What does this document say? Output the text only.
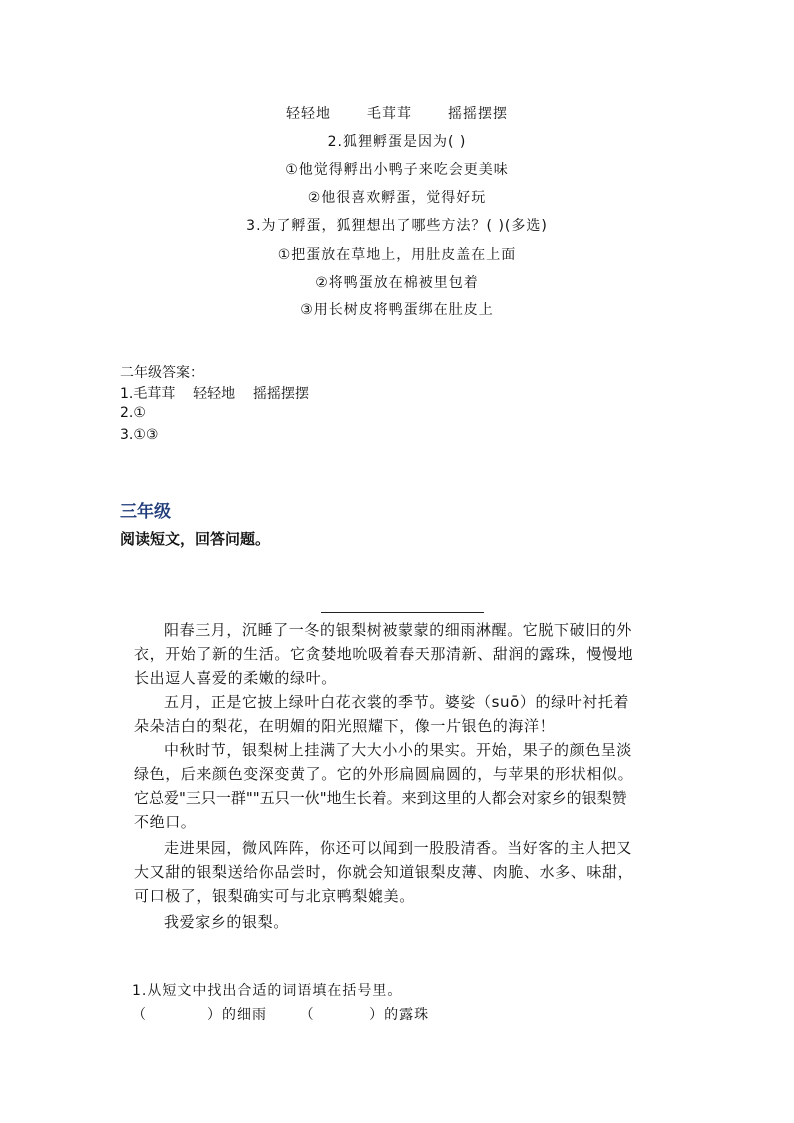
轻轻地	毛茸茸	摇摇摆摆
2.狐狸孵蛋是因为( )
①他觉得孵出小鸭子来吃会更美味
②他很喜欢孵蛋，觉得好玩
3.为了孵蛋，狐狸想出了哪些方法？( )(多选)
①把蛋放在草地上，用肚皮盖在上面
②将鸭蛋放在棉被里包着
③用长树皮将鸭蛋绑在肚皮上
二年级答案：
1.毛茸茸    轻轻地    摇摇摆摆
2.①
3.①③
三年级
阅读短文，回答问题。
阳春三月，沉睡了一冬的银梨树被蒙蒙的细雨淋醒。它脱下破旧的外
衣，开始了新的生活。它贪婪地吮吸着春天那清新、甜润的露珠，慢慢地
长出逗人喜爱的柔嫩的绿叶。
五月，正是它披上绿叶白花衣裳的季节。婆娑（suō）的绿叶衬托着
朵朵洁白的梨花，在明媚的阳光照耀下，像一片银色的海洋！
中秋时节，银梨树上挂满了大大小小的果实。开始，果子的颜色呈淡
绿色，后来颜色变深变黄了。它的外形扁圆扁圆的，与苹果的形状相似。
它总爱"三只一群""五只一伙"地生长着。来到这里的人都会对家乡的银梨赞
不绝口。
走进果园，微风阵阵，你还可以闻到一股股清香。当好客的主人把又
大又甜的银梨送给你品尝时，你就会知道银梨皮薄、肉脆、水多、味甜，
可口极了，银梨确实可与北京鸭梨媲美。
我爱家乡的银梨。
1.从短文中找出合适的词语填在括号里。
（           ）的细雨      （          ）的露珠
